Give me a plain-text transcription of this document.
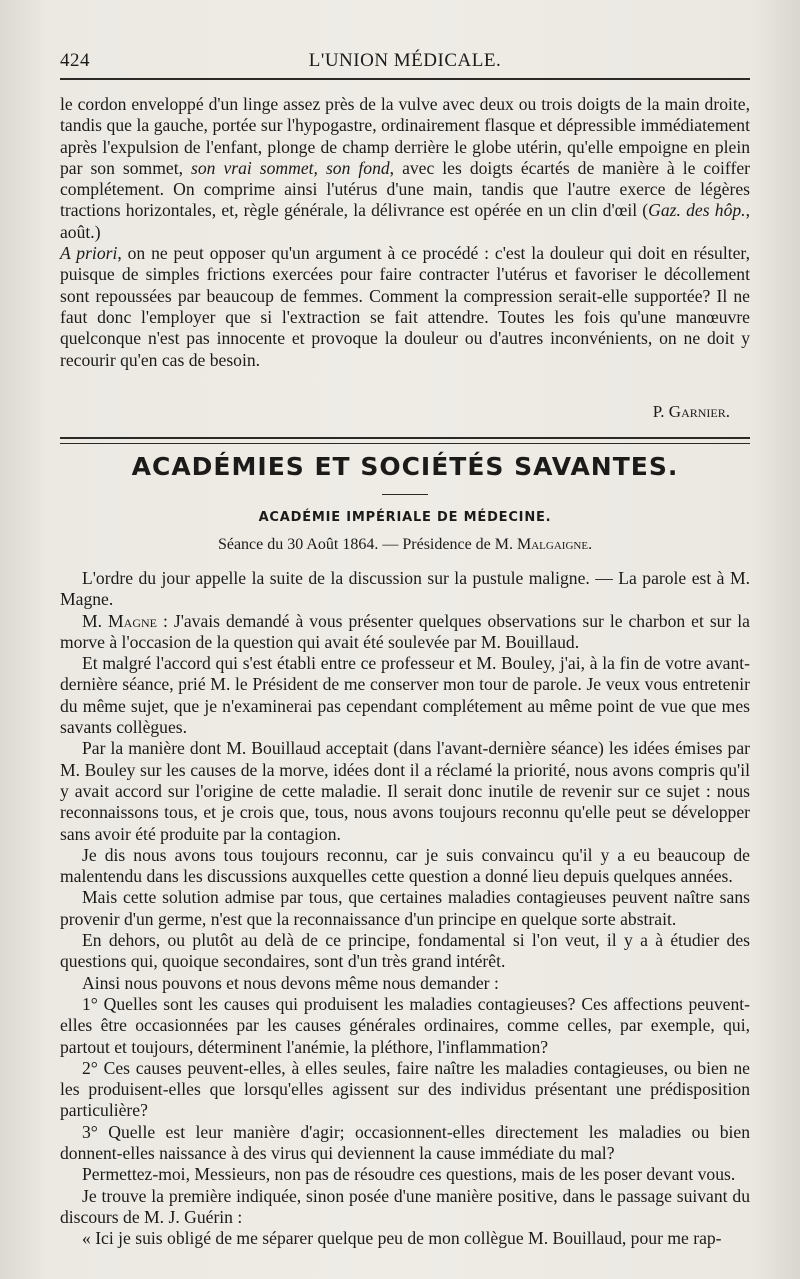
424	L'UNION MÉDICALE.

le cordon enveloppé d'un linge assez près de la vulve avec deux ou trois doigts de la main droite, tandis que la gauche, portée sur l'hypogastre, ordinairement flasque et dépressible immédiatement après l'expulsion de l'enfant, plonge de champ derrière le globe utérin, qu'elle empoigne en plein par son sommet, son vrai sommet, son fond, avec les doigts écartés de manière à le coiffer complétement. On comprime ainsi l'utérus d'une main, tandis que l'autre exerce de légères tractions horizontales, et, règle générale, la délivrance est opérée en un clin d'œil (Gaz. des hôp., août.)

A priori, on ne peut opposer qu'un argument à ce procédé : c'est la douleur qui doit en résulter, puisque de simples frictions exercées pour faire contracter l'utérus et favoriser le décollement sont repoussées par beaucoup de femmes. Comment la compression serait-elle supportée? Il ne faut donc l'employer que si l'extraction se fait attendre. Toutes les fois qu'une manœuvre quelconque n'est pas innocente et provoque la douleur ou d'autres inconvénients, on ne doit y recourir qu'en cas de besoin.

P. Garnier.
ACADÉMIES ET SOCIÉTÉS SAVANTES.
ACADÉMIE IMPÉRIALE DE MÉDECINE.
Séance du 30 Août 1864. — Présidence de M. Malgaigne.

L'ordre du jour appelle la suite de la discussion sur la pustule maligne. — La parole est à M. Magne.

M. Magne : J'avais demandé à vous présenter quelques observations sur le charbon et sur la morve à l'occasion de la question qui avait été soulevée par M. Bouillaud.

Et malgré l'accord qui s'est établi entre ce professeur et M. Bouley, j'ai, à la fin de votre avant-dernière séance, prié M. le Président de me conserver mon tour de parole. Je veux vous entretenir du même sujet, que je n'examinerai pas cependant complétement au même point de vue que mes savants collègues.

Par la manière dont M. Bouillaud acceptait (dans l'avant-dernière séance) les idées émises par M. Bouley sur les causes de la morve, idées dont il a réclamé la priorité, nous avons compris qu'il y avait accord sur l'origine de cette maladie. Il serait donc inutile de revenir sur ce sujet : nous reconnaissons tous, et je crois que, tous, nous avons toujours reconnu qu'elle peut se développer sans avoir été produite par la contagion.

Je dis nous avons tous toujours reconnu, car je suis convaincu qu'il y a eu beaucoup de malentendu dans les discussions auxquelles cette question a donné lieu depuis quelques années.

Mais cette solution admise par tous, que certaines maladies contagieuses peuvent naître sans provenir d'un germe, n'est que la reconnaissance d'un principe en quelque sorte abstrait.

En dehors, ou plutôt au delà de ce principe, fondamental si l'on veut, il y a à étudier des questions qui, quoique secondaires, sont d'un très grand intérêt.

Ainsi nous pouvons et nous devons même nous demander :

1° Quelles sont les causes qui produisent les maladies contagieuses? Ces affections peuvent-elles être occasionnées par les causes générales ordinaires, comme celles, par exemple, qui, partout et toujours, déterminent l'anémie, la pléthore, l'inflammation?

2° Ces causes peuvent-elles, à elles seules, faire naître les maladies contagieuses, ou bien ne les produisent-elles que lorsqu'elles agissent sur des individus présentant une prédisposition particulière?

3° Quelle est leur manière d'agir; occasionnent-elles directement les maladies ou bien donnent-elles naissance à des virus qui deviennent la cause immédiate du mal?

Permettez-moi, Messieurs, non pas de résoudre ces questions, mais de les poser devant vous.

Je trouve la première indiquée, sinon posée d'une manière positive, dans le passage suivant du discours de M. J. Guérin :

« Ici je suis obligé de me séparer quelque peu de mon collègue M. Bouillaud, pour me rap-
